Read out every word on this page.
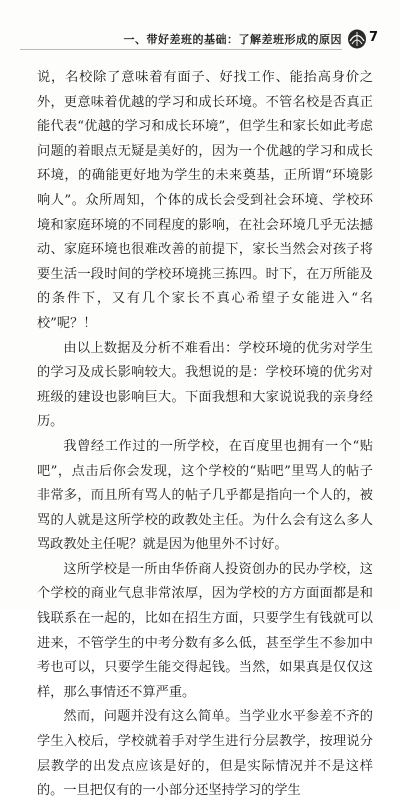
一、带好差班的基础：了解差班形成的原因 7

说，名校除了意味着有面子、好找工作、能抬高身价之外，更意味着优越的学习和成长环境。不管名校是否真正能代表“优越的学习和成长环境”，但学生和家长如此考虑问题的着眼点无疑是美好的，因为一个优越的学习和成长环境，的确能更好地为学生的未来奠基，正所谓“环境影响人”。众所周知，个体的成长会受到社会环境、学校环境和家庭环境的不同程度的影响，在社会环境几乎无法撼动、家庭环境也很难改善的前提下，家长当然会对孩子将要生活一段时间的学校环境挑三拣四。时下，在万所能及的条件下，又有几个家长不真心希望子女能进入“名校”呢？！

由以上数据及分析不难看出：学校环境的优劣对学生的学习及成长影响较大。我想说的是：学校环境的优劣对班级的建设也影响巨大。下面我想和大家说说我的亲身经历。

我曾经工作过的一所学校，在百度里也拥有一个“贴吧”，点击后你会发现，这个学校的“贴吧”里骂人的帖子非常多，而且所有骂人的帖子几乎都是指向一个人的，被骂的人就是这所学校的政教处主任。为什么会有这么多人骂政教处主任呢？就是因为他里外不讨好。

这所学校是一所由华侨商人投资创办的民办学校，这个学校的商业气息非常浓厚，因为学校的方方面面都是和钱联系在一起的，比如在招生方面，只要学生有钱就可以进来，不管学生的中考分数有多么低，甚至学生不参加中考也可以，只要学生能交得起钱。当然，如果真是仅仅这样，那么事情还不算严重。

然而，问题并没有这么简单。当学业水平参差不齐的学生入校后，学校就着手对学生进行分层教学，按理说分层教学的出发点应该是好的，但是实际情况并不是这样的。一旦把仅有的一小部分还坚持学习的学生
